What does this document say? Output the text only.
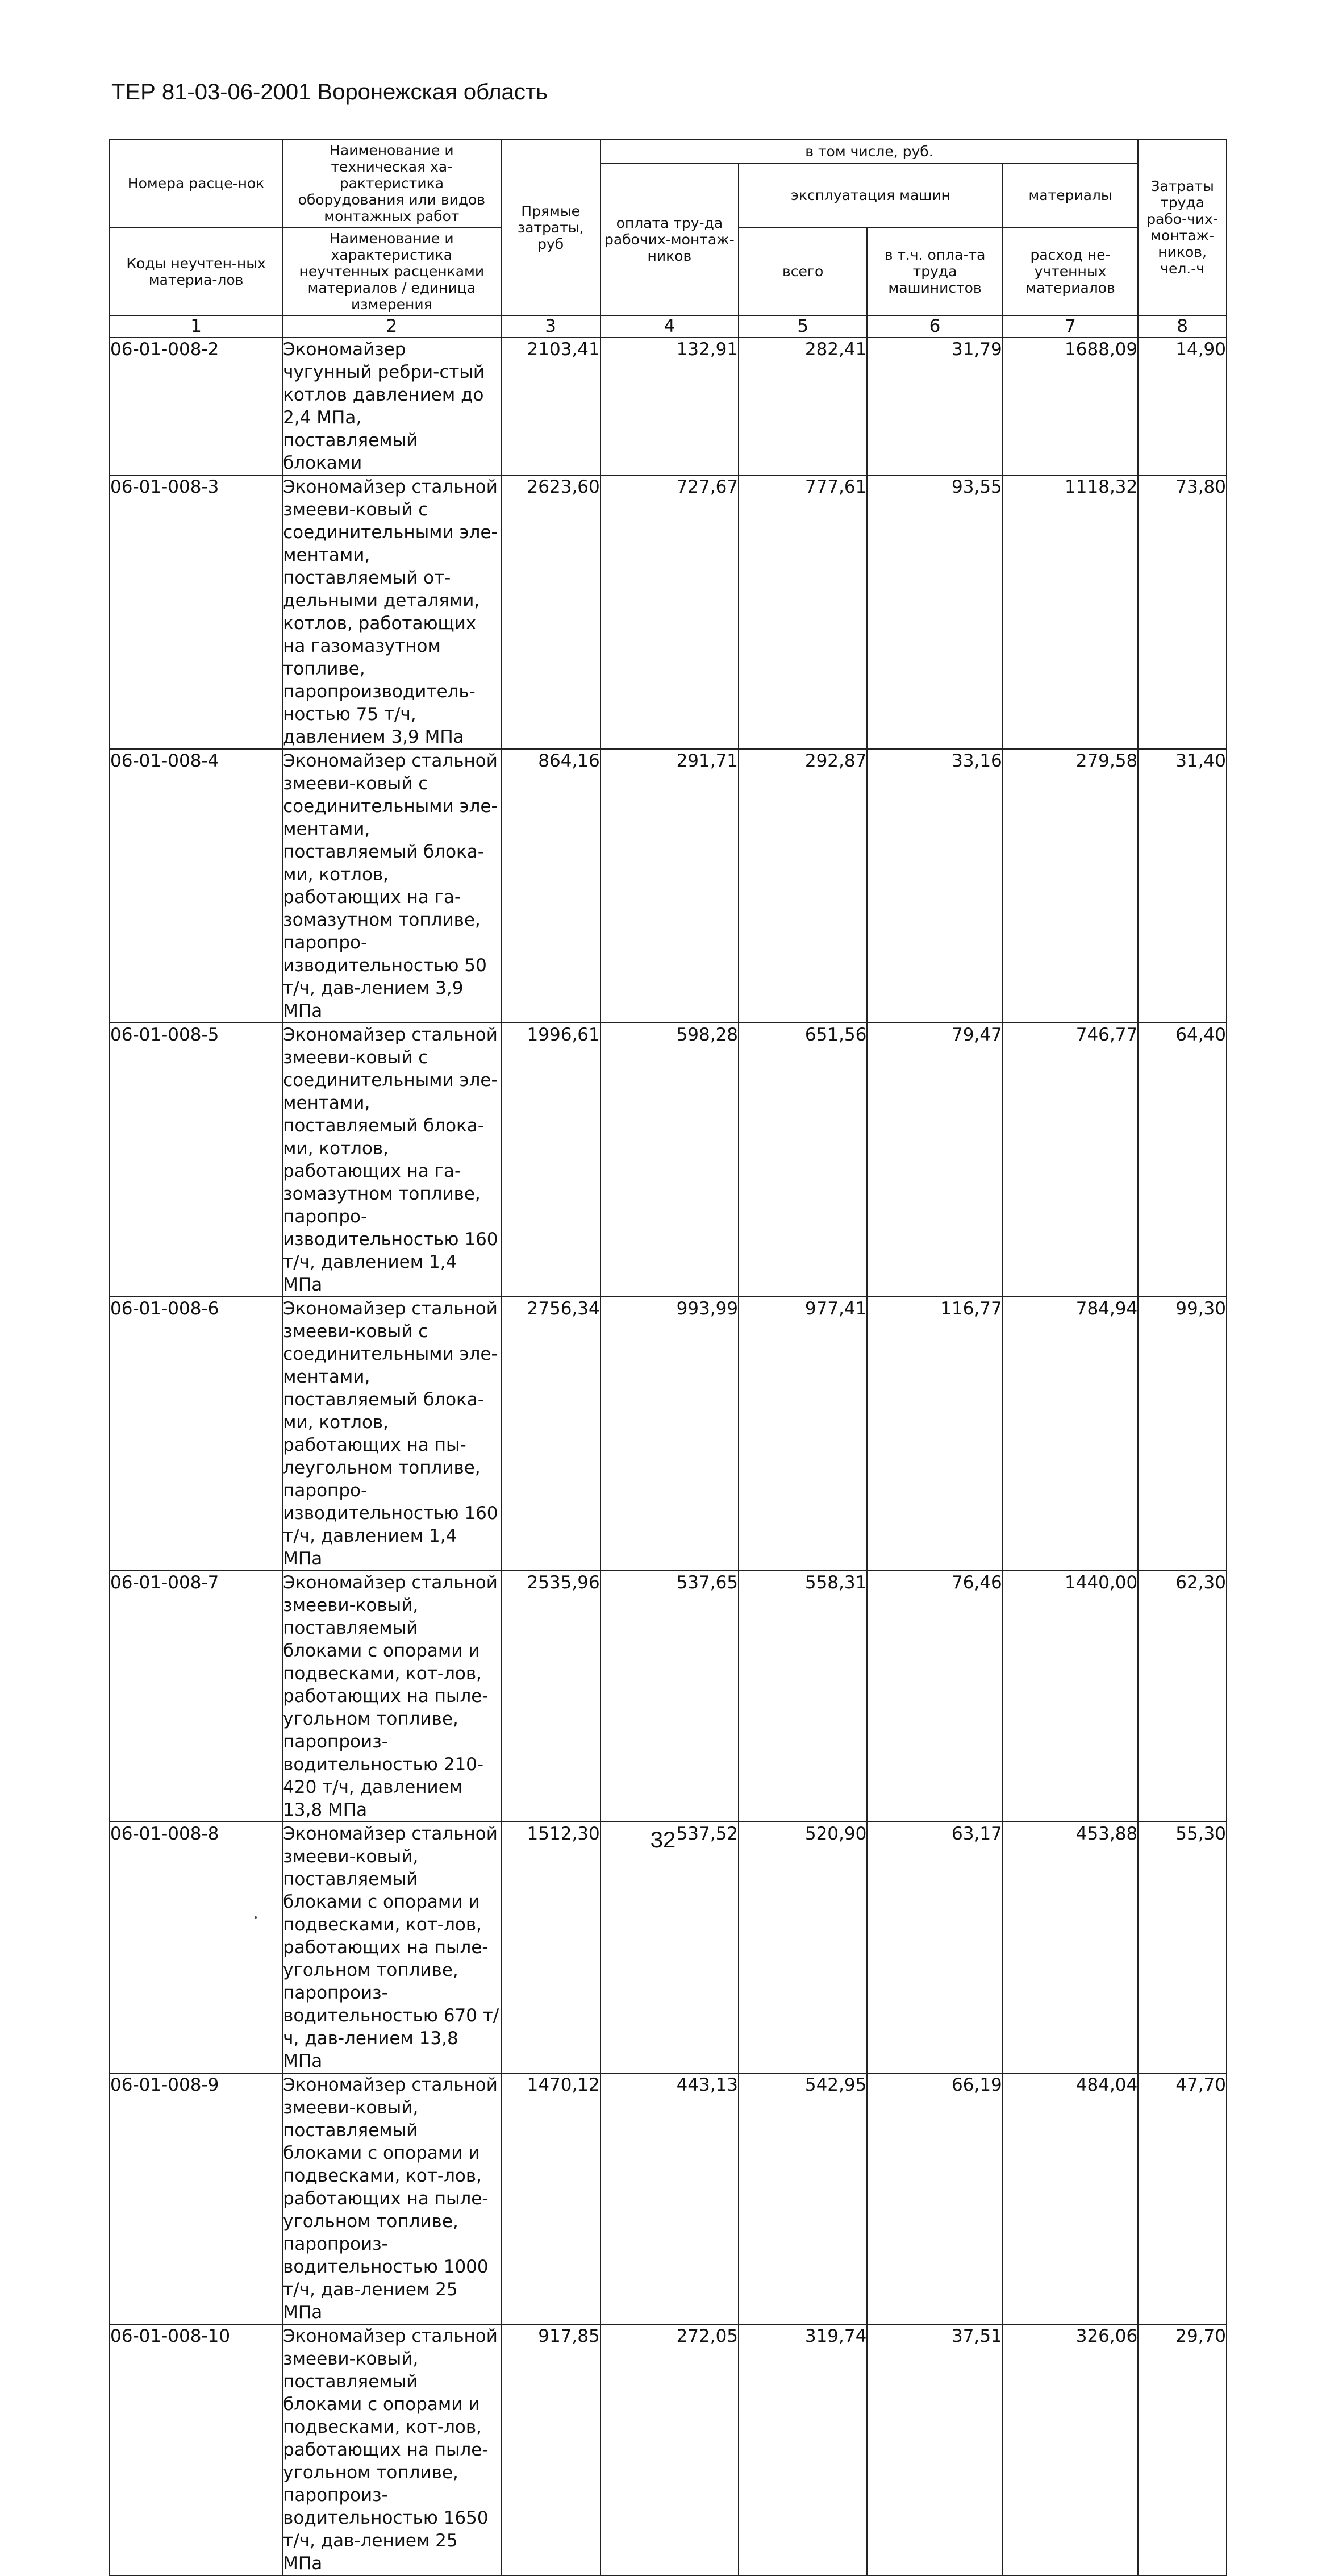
ТЕР 81-03-06-2001 Воронежская область
Номера расце-нок	Наименование и техническая ха-рактеристика оборудования или видов монтажных работ	Прямые затраты, руб	в том числе, руб.				Затраты труда рабо-чих-монтаж-ников, чел.-ч
			оплата тру-да рабочих-монтаж-ников	эксплуатация машин		материалы	
Коды неучтен-ных материа-лов	Наименование и характеристика неучтенных расценками материалов / единица измерения			всего	в т.ч. опла-та труда машинистов	расход не-учтенных материалов	

1	2	3	4	5	6	7	8
06-01-008-2	Экономайзер чугунный ребри-стый котлов давлением до 2,4 МПа, поставляемый блоками	2103,41	132,91	282,41	31,79	1688,09	14,90
06-01-008-3	Экономайзер стальной змееви-ковый с соединительными эле-ментами, поставляемый от-дельными деталями, котлов, работающих на газомазутном топливе, паропроизводитель-ностью 75 т/ч, давлением 3,9 МПа	2623,60	727,67	777,61	93,55	1118,32	73,80
06-01-008-4	Экономайзер стальной змееви-ковый с соединительными эле-ментами, поставляемый блока-ми, котлов, работающих на га-зомазутном топливе, паропро-изводительностью 50 т/ч, дав-лением 3,9 МПа	864,16	291,71	292,87	33,16	279,58	31,40
06-01-008-5	Экономайзер стальной змееви-ковый с соединительными эле-ментами, поставляемый блока-ми, котлов, работающих на га-зомазутном топливе, паропро-изводительностью 160 т/ч, давлением 1,4 МПа	1996,61	598,28	651,56	79,47	746,77	64,40
06-01-008-6	Экономайзер стальной змееви-ковый с соединительными эле-ментами, поставляемый блока-ми, котлов, работающих на пы-леугольном топливе, паропро-изводительностью 160 т/ч, давлением 1,4 МПа	2756,34	993,99	977,41	116,77	784,94	99,30
06-01-008-7	Экономайзер стальной змееви-ковый, поставляемый блоками с опорами и подвесками, кот-лов, работающих на пыле-угольном топливе, паропроиз-водительностью 210-420 т/ч, давлением 13,8 МПа	2535,96	537,65	558,31	76,46	1440,00	62,30
06-01-008-8	Экономайзер стальной змееви-ковый, поставляемый блоками с опорами и подвесками, кот-лов, работающих на пыле-угольном топливе, паропроиз-водительностью 670 т/ч, дав-лением 13,8 МПа	1512,30	537,52	520,90	63,17	453,88	55,30
06-01-008-9	Экономайзер стальной змееви-ковый, поставляемый блоками с опорами и подвесками, кот-лов, работающих на пыле-угольном топливе, паропроиз-водительностью 1000 т/ч, дав-лением 25 МПа	1470,12	443,13	542,95	66,19	484,04	47,70
06-01-008-10	Экономайзер стальной змееви-ковый, поставляемый блоками с опорами и подвесками, кот-лов, работающих на пыле-угольном топливе, паропроиз-водительностью 1650 т/ч, дав-лением 25 МПа	917,85	272,05	319,74	37,51	326,06	29,70
32
